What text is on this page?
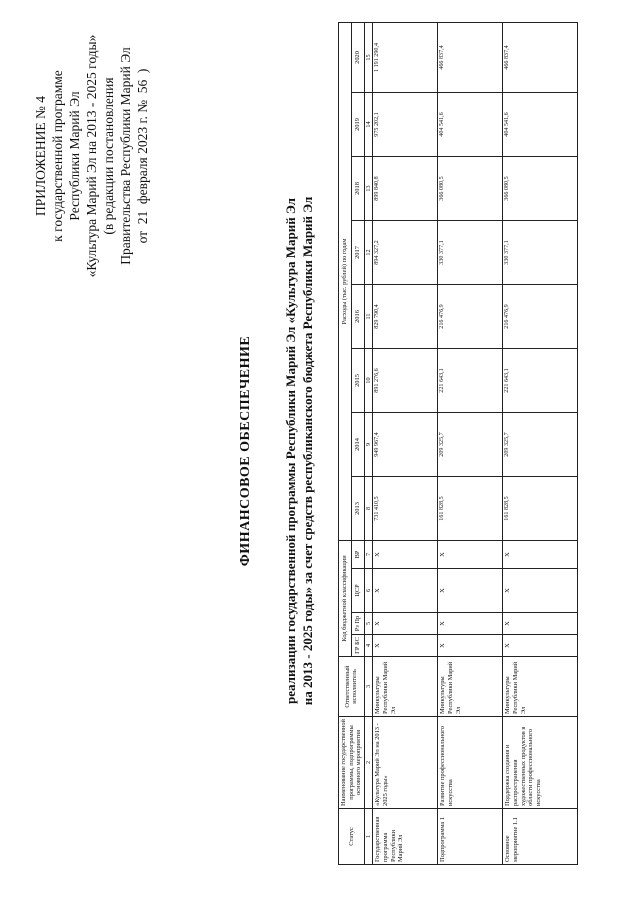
ПРИЛОЖЕНИЕ № 4 к государственной программе Республики Марий Эл «Культура Марий Эл на 2013 - 2025 годы» (в редакции постановления Правительства Республики Марий Эл от 21 февраля 2023 г. № 56 )
ФИНАНСОВОЕ ОБЕСПЕЧЕНИЕ реализации государственной программы Республики Марий Эл «Культура Марий Эл на 2013 - 2025 годы» за счет средств республиканского бюджета Республики Марий Эл
Статус	Наименование государственной программы, подпрограммы основного мероприятия	Ответственный исполнитель	Код бюджетной классификации				Расходы (тыс. рублей) по годам							
			ГР БС	Рз Пр	ЦСР	ВР	2013	2014	2015	2016	2017	2018	2019	2020
1	2	3	4	5	6	7	8	9	10	11	12	13	14	15
Государственная программа Республики Марий Эл	«Культура Марий Эл на 2013 - 2025 годы»	Минкультуры Республики Марий Эл	Х	Х	Х	Х	731 410,5	949 967,4	891 276,6	829 790,4	894 327,2	899 840,8	975 202,1	1 191 290,4
Подпрограмма 1	Развитие профессионального искусства	Минкультуры Республики Марий Эл	Х	Х	Х	Х	161 828,5	209 325,7	221 643,1	216 476,9	330 377,1	366 080,5	404 541,6	466 837,4
Основное мероприятие 1.1	Поддержка создания и распространения художественных продуктов в области профессионального искусства	Минкультуры Республики Марий Эл	Х	Х	Х	Х	161 828,5	209 325,7	221 643,1	216 476,9	330 377,1	366 080,5	404 541,6	466 837,4
